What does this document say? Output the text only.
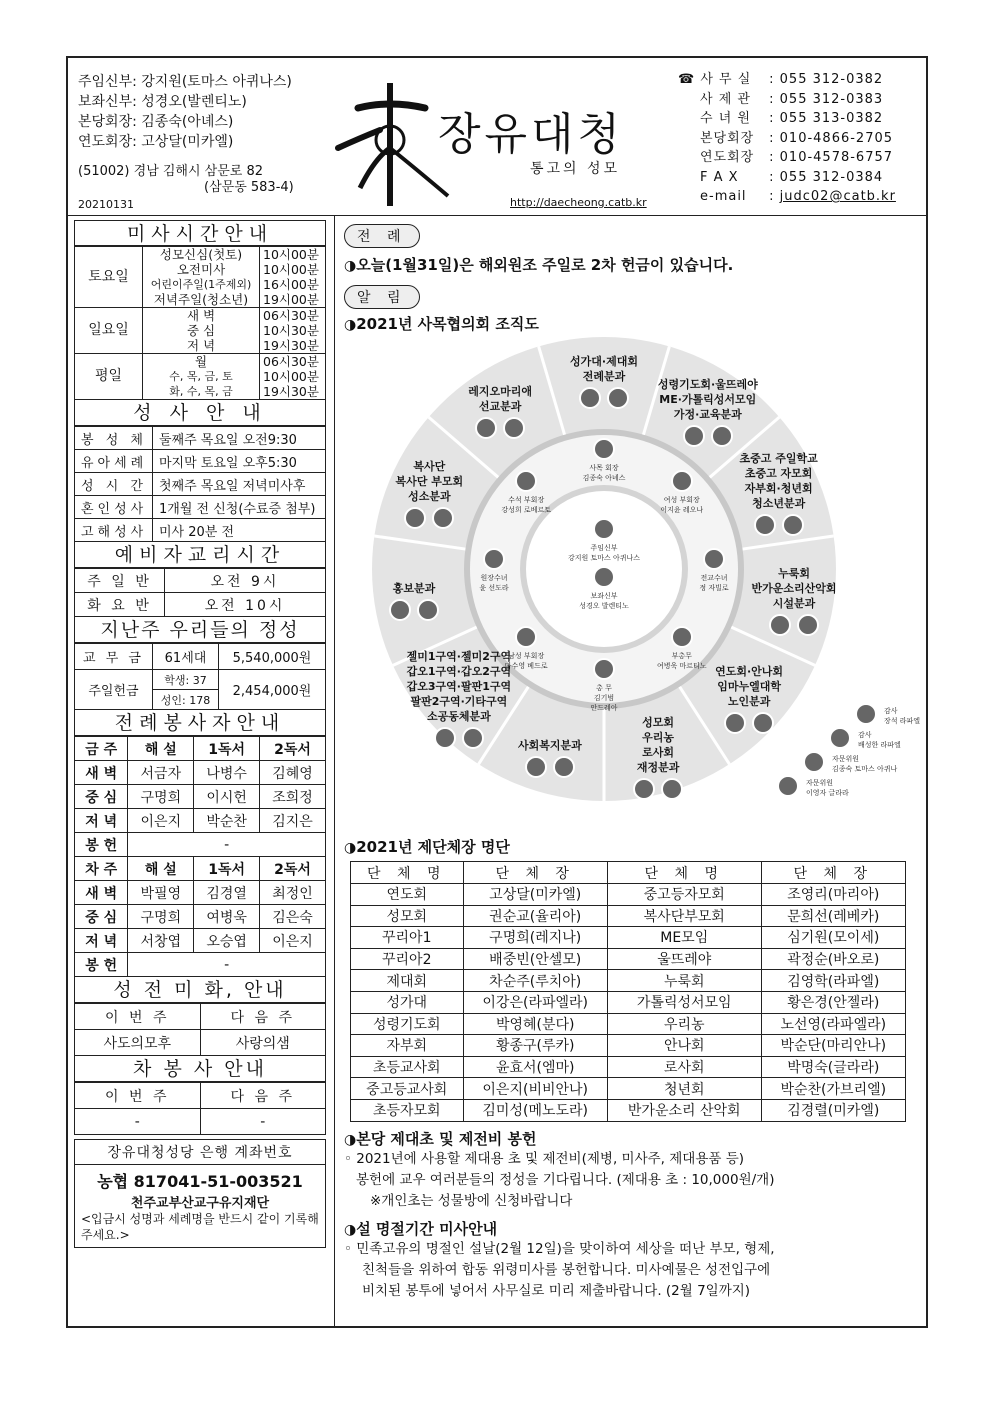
주임신부: 강지원(토마스 아퀴나스)
보좌신부: 성경오(발렌티노)
본당회장: 김종숙(아녜스)
연도회장: 고상달(미카엘)
(51002) 경남 김해시 삼문로 82
(삼문동 583-4)
20210131
장유대청
통고의 성모
http://daecheong.catb.kr
☎ 사 무 실 : 055 312-0382
사 제 관 : 055 312-0383
수 녀 원 : 055 313-0382
본당회장 : 010-4866-2705
연도회장 : 010-4578-6757
F A X : 055 312-0384
e-mail : judc02@catb.kr
미사시간안내
토요일	성모신심(첫토)	10시00분
	오전미사	10시00분
	어린이주일(1주제외)	16시00분
	저녁주일(청소년)	19시00분
일요일	새 벽	06시30분
	중 심	10시30분
	저 녁	19시30분
평일	월	06시30분
	수, 목, 금, 토	10시00분
	화, 수, 목, 금	19시30분
성 사 안 내
봉 성 체	둘째주 목요일 오전9:30
유아세례	마지막 토요일 오후5:30
성 시 간	첫째주 목요일 저녁미사후
혼인성사	1개월 전 신청(수료증 첨부)
고해성사	미사 20분 전
예비자교리시간
주 일 반	오전 9시
화 요 반	오전 10시
지난주 우리들의 정성
교 무 금	61세대	5,540,000원
주일헌금	학생: 37	2,454,000원
	성인: 178	
전례봉사자안내
금 주	해 설	1독서	2독서
새 벽	서금자	나병수	김혜영
중 심	구명희	이시헌	조희정
저 녁	이은지	박순찬	김지은
봉 헌	-		
차 주	해 설	1독서	2독서
새 벽	박필영	김경열	최정인
중 심	구명희	여병욱	김은숙
저 녁	서창엽	오승엽	이은지
봉 헌	-		
성 전 미 화, 안내
이 번 주	다 음 주
사도의모후	사랑의샘
차 봉 사 안내
이 번 주	다 음 주
-	-
장유대청성당 은행 계좌번호
농협 817041-51-003521
천주교부산교구유지재단
<입금시 성명과 세례명을 반드시 같이 기록해 주세요.>
전 례
◑오늘(1월31일)은 해외원조 주일로 2차 헌금이 있습니다.
알 림
◑2021년 사목협의회 조직도
성가대·제대회
전례분과
성령기도회·울뜨레야
ME·가톨릭성서모임
가정·교육분과
초중고 주일학교
초중고 자모회
자부회·청년회
청소년분과
누룩회
반가운소리산악회
시설분과
연도회·안나회
임마누엘대학
노인분과
성모회
우리농
로사회
재정분과
사회복지분과
젤미1구역·젤미2구역
갑오1구역·갑오2구역
갑오3구역·팔판1구역
팔판2구역·기타구역
소공동체분과
홍보분과
복사단
복사단 부모회
성소분과
레지오마리애
선교분과
사목 회장
김종숙 아녜스
여성 부회장
이지윤 레오나
전교수녀
정 자빌로
부총무
여병욱 마르티노
총 무
김기범
안드레아
남성 부회장
마수영 베드로
원장수녀
윤 선도라
수석 부회장
강성희 로베르토
주임신부
강지원 토마스 아퀴나스
보좌신부
성경오 발렌티노
감사
장석 라파엘
감사
배성한 라파엘
자문위원
김종숙 토마스 아퀴나
자문위원
이영자 글라라
◑2021년 제단체장 명단
단 체 명	단 체 장	단 체 명	단 체 장
연도회	고상달(미카엘)	중고등자모회	조영리(마리아)
성모회	권순교(율리아)	복사단부모회	문희선(레베카)
꾸리아1	구명희(레지나)	ME모임	심기원(모이세)
꾸리아2	배중빈(안셀모)	울뜨레야	곽정순(바오로)
제대회	차순주(루치아)	누룩회	김영학(라파엘)
성가대	이강은(라파엘라)	가톨릭성서모임	황은경(안젤라)
성령기도회	박영혜(분다)	우리농	노선영(라파엘라)
자부회	황종구(루카)	안나회	박순단(마리안나)
초등교사회	윤효서(엠마)	로사회	박명숙(글라라)
중고등교사회	이은지(비비안나)	청년회	박순찬(가브리엘)
초등자모회	김미성(메노도라)	반가운소리 산악회	김경렬(미카엘)
◑본당 제대초 및 제전비 봉헌
◦ 2021년에 사용할 제대용 초 및 제전비(제병, 미사주, 제대용품 등)
봉헌에 교우 여러분들의 정성을 기다립니다. (제대용 초 : 10,000원/개)
※개인초는 성물방에 신청바랍니다
◑설 명절기간 미사안내
◦ 민족고유의 명절인 설날(2월 12일)을 맞이하여 세상을 떠난 부모, 형제,
친척들을 위하여 합동 위령미사를 봉헌합니다. 미사예물은 성전입구에
비치된 봉투에 넣어서 사무실로 미리 제출바랍니다. (2월 7일까지)
